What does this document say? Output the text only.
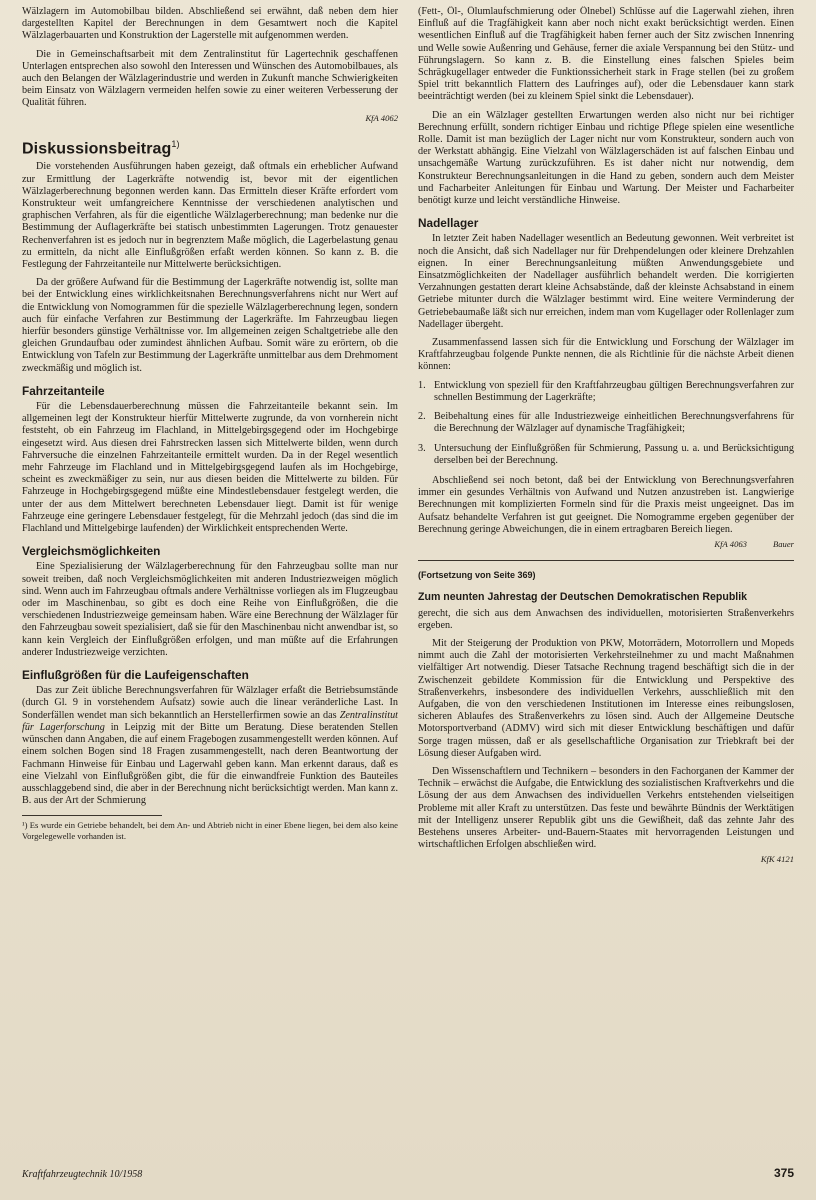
Wälzlagern im Automobilbau bilden. Abschließend sei erwähnt, daß neben dem hier dargestellten Kapitel der Berechnungen in dem Gesamtwert noch die Kapitel Wälzlagerbauarten und Konstruktion der Lagerstelle mit aufgenommen werden.

Die in Gemeinschaftsarbeit mit dem Zentralinstitut für Lagertechnik geschaffenen Unterlagen entsprechen also sowohl den Interessen und Wünschen des Automobilbaues, als auch den Belangen der Wälzlagerindustrie und werden in Zukunft manche Schwierigkeiten beim Einsatz von Wälzlagern vermeiden helfen sowie zu einer weiteren Verbesserung der Qualität führen.

KfA 4062
Diskussionsbeitrag$^{1)}$

Die vorstehenden Ausführungen haben gezeigt, daß oftmals ein erheblicher Aufwand zur Ermittlung der Lagerkräfte notwendig ist, bevor mit der eigentlichen Wälzlagerberechnung begonnen werden kann. Das Ermitteln dieser Kräfte erfordert vom Konstrukteur weit umfangreichere Kenntnisse der verschiedenen analytischen und graphischen Verfahren, als für die eigentliche Wälzlagerberechnung; man bedenke nur die Bestimmung der Auflagerkräfte bei statisch unbestimmten Lagerungen. Trotz genauester Rechenverfahren ist es jedoch nur in begrenztem Maße möglich, die Lagerbelastung genau zu ermitteln, da nicht alle Einflußgrößen erfaßt werden können. So kann z. B. die Festlegung der Fahrzeitanteile nur Mittelwerte berücksichtigen.

Da der größere Aufwand für die Bestimmung der Lagerkräfte notwendig ist, sollte man bei der Entwicklung eines wirklichkeitsnahen Berechnungsverfahrens nicht nur Wert auf die Entwicklung von Nomogrammen für die spezielle Wälzlagerberechnung legen, sondern auch für einfache Verfahren zur Bestimmung der Lagerkräfte. Im Fahrzeugbau liegen hierfür besonders günstige Verhältnisse vor. Im allgemeinen zeigen Schaltgetriebe alle den gleichen Grundaufbau oder zumindest ähnlichen Aufbau. Somit wäre zu erörtern, ob die Entwicklung von Tafeln zur Bestimmung der Lagerkräfte unmittelbar aus dem Drehmoment zweckmäßig und möglich ist.

Fahrzeitanteile

Für die Lebensdauerberechnung müssen die Fahrzeitanteile bekannt sein. Im allgemeinen legt der Konstrukteur hierfür Mittelwerte zugrunde, da von vornherein nicht feststeht, ob ein Fahrzeug im Flachland, in Mittelgebirgsgegend oder im Hochgebirge eingesetzt wird. Aus diesen drei Fahrstrecken lassen sich Mittelwerte bilden, wenn durch Fahrversuche die einzelnen Fahrzeitanteile ermittelt wurden. Da in der Regel wesentlich mehr Fahrzeuge im Flachland und in Mittelgebirgsgegend laufen als im Hochgebirge, scheint es zweckmäßiger zu sein, nur aus diesen beiden die Mittelwerte zu bilden. Für Fahrzeuge in Hochgebirgsgegend müßte eine Mindestlebensdauer festgelegt werden, die unter der aus dem Mittelwert berechneten Lebensdauer liegt. Damit ist für wenige Fahrzeuge eine geringere Lebensdauer festgelegt, für die Mehrzahl jedoch (das sind die im Flachland und Mittelgebirge laufenden) der Wirklichkeit entsprechenden Werte.

Vergleichsmöglichkeiten

Eine Spezialisierung der Wälzlagerberechnung für den Fahrzeugbau sollte man nur soweit treiben, daß noch Vergleichsmöglichkeiten mit anderen Industriezweigen möglich sind. Wenn auch im Fahrzeugbau oftmals andere Verhältnisse vorliegen als im Flugzeugbau oder im Maschinenbau, so gibt es doch eine Reihe von Einflußgrößen, die die verschiedenen Industriezweige gemeinsam haben. Wäre eine Berechnung der Wälzlager für den Fahrzeugbau soweit spezialisiert, daß sie für den Maschinenbau nicht anwendbar ist, so kann kein Vergleich der Einflußgrößen erfolgen, und man müßte auf die Erfahrungen anderer Industriezweige verzichten.

Einflußgrößen für die Laufeigenschaften

Das zur Zeit übliche Berechnungsverfahren für Wälzlager erfaßt die Betriebsumstände (durch Gl. 9 in vorstehendem Aufsatz) sowie auch die linear veränderliche Last. In Sonderfällen wendet man sich bekanntlich an Herstellerfirmen sowie an das Zentralinstitut für Lagerforschung in Leipzig mit der Bitte um Beratung. Diese beratenden Stellen wünschen dann Angaben, die auf einem Fragebogen zusammengestellt werden können. Auf einem solchen Bogen sind 18 Fragen zusammengestellt, nach deren Beantwortung der Fachmann Hinweise für Einbau und Lagerwahl geben kann. Man erkennt daraus, daß es eine Vielzahl von Einflußgrößen gibt, die für die einwandfreie Funktion des Bauteiles ausschlaggebend sind, die aber in der Berechnung nicht berücksichtigt werden. Man kann z. B. aus der Art der Schmierung

¹) Es wurde ein Getriebe behandelt, bei dem An- und Abtrieb nicht in einer Ebene liegen, bei dem also keine Vorgelegewelle vorhanden ist.

(Fett-, Öl-, Ölumlaufschmierung oder Ölnebel) Schlüsse auf die Lagerwahl ziehen, ihren Einfluß auf die Tragfähigkeit kann aber noch nicht exakt berücksichtigt werden. Einen wesentlichen Einfluß auf die Tragfähigkeit haben ferner auch der Sitz zwischen Innenring und Welle sowie Außenring und Gehäuse, ferner die axiale Verspannung bei den Stütz- und Führungslagern. So kann z. B. die Einstellung eines falschen Spieles beim Schrägkugellager entweder die Funktionssicherheit stark in Frage stellen (bei zu großem Spiel tritt bekanntlich Flattern des Laufringes auf), oder die Lebensdauer kann stark beeinträchtigt werden (bei zu kleinem Spiel sinkt die Lebensdauer).

Die an ein Wälzlager gestellten Erwartungen werden also nicht nur bei richtiger Berechnung erfüllt, sondern richtiger Einbau und richtige Pflege spielen eine wesentliche Rolle. Damit ist man bezüglich der Lager nicht nur vom Konstrukteur, sondern auch von der Werkstatt abhängig. Eine Vielzahl von Wälzlagerschäden ist auf falschen Einbau und unsachgemäße Wartung zurückzuführen. Es ist daher nicht nur notwendig, dem Konstrukteur Berechnungsanleitungen in die Hand zu geben, sondern auch dem Meister und Facharbeiter Anleitungen für Einbau und Wartung. Der Meister und Facharbeiter benötigt kurze und leicht verständliche Hinweise.

Nadellager

In letzter Zeit haben Nadellager wesentlich an Bedeutung gewonnen. Weit verbreitet ist noch die Ansicht, daß sich Nadellager nur für Drehpendelungen oder kleinere Drehzahlen eignen. In einer Berechnungsanleitung müßten Anwendungsgebiete und Einsatzmöglichkeiten der Nadellager ausführlich behandelt werden. Die korrigierten Verzahnungen gestatten derart kleine Achsabstände, daß der kleinste Achsabstand in einem Getriebe mitunter durch die Wälzlager bestimmt wird. Eine weitere Verminderung der Getriebebaumaße läßt sich nur erreichen, indem man vom Kugellager oder Rollenlager zum Nadellager übergeht.

Zusammenfassend lassen sich für die Entwicklung und Forschung der Wälzlager im Kraftfahrzeugbau folgende Punkte nennen, die als Richtlinie für die nächste Arbeit dienen können:

1. Entwicklung von speziell für den Kraftfahrzeugbau gültigen Berechnungsverfahren zur schnellen Bestimmung der Lagerkräfte;
2. Beibehaltung eines für alle Industriezweige einheitlichen Berechnungsverfahrens für die Berechnung der Wälzlager auf dynamische Tragfähigkeit;
3. Untersuchung der Einflußgrößen für Schmierung, Passung u. a. und Berücksichtigung derselben bei der Berechnung.

Abschließend sei noch betont, daß bei der Entwicklung von Berechnungsverfahren immer ein gesundes Verhältnis von Aufwand und Nutzen anzustreben ist. Langwierige Berechnungen mit komplizierten Formeln sind für die Praxis meist ungeeignet. Das im Aufsatz behandelte Verfahren ist gut geeignet. Die Nomogramme ergeben gegenüber der Berechnung geringe Abweichungen, die in einem ertragbaren Bereich liegen.

KfA 4063	Bauer
(Fortsetzung von Seite 369)
Zum neunten Jahrestag der Deutschen Demokratischen Republik

gerecht, die sich aus dem Anwachsen des individuellen, motorisierten Straßenverkehrs ergeben.

Mit der Steigerung der Produktion von PKW, Motorrädern, Motorrollern und Mopeds nimmt auch die Zahl der motorisierten Verkehrsteilnehmer zu und macht Maßnahmen vielfältiger Art notwendig. Dieser Tatsache Rechnung tragend beschäftigt sich die in der Zwischenzeit gebildete Kommission für die Entwicklung und Perspektive des Straßenverkehrs, insbesondere des individuellen Verkehrs, ausschließlich mit den Aufgaben, die von den verschiedenen Institutionen im Interesse eines reibungslosen, sicheren Ablaufes des Straßenverkehrs zu lösen sind. Auch der Allgemeine Deutsche Motorsportverband (ADMV) wird sich mit dieser Entwicklung beschäftigen und dafür Sorge tragen müssen, daß er als gesellschaftliche Organisation zur Triebkraft bei der Lösung dieser Aufgaben wird.

Den Wissenschaftlern und Technikern – besonders in den Fachorganen der Kammer der Technik – erwächst die Aufgabe, die Entwicklung des sozialistischen Kraftverkehrs und die Lösung der aus dem Anwachsen des individuellen Verkehrs entstehenden vielseitigen Probleme mit aller Kraft zu unterstützen. Das feste und bewährte Bündnis der Werktätigen mit der Intelligenz unserer Republik gibt uns die Gewißheit, daß das zehnte Jahr des Bestehens unseres Arbeiter- und-Bauern-Staates mit hervorragenden Leistungen und wirtschaftlichen Erfolgen abschließen wird.

KfK 4121
Kraftfahrzeugtechnik 10/1958	375
